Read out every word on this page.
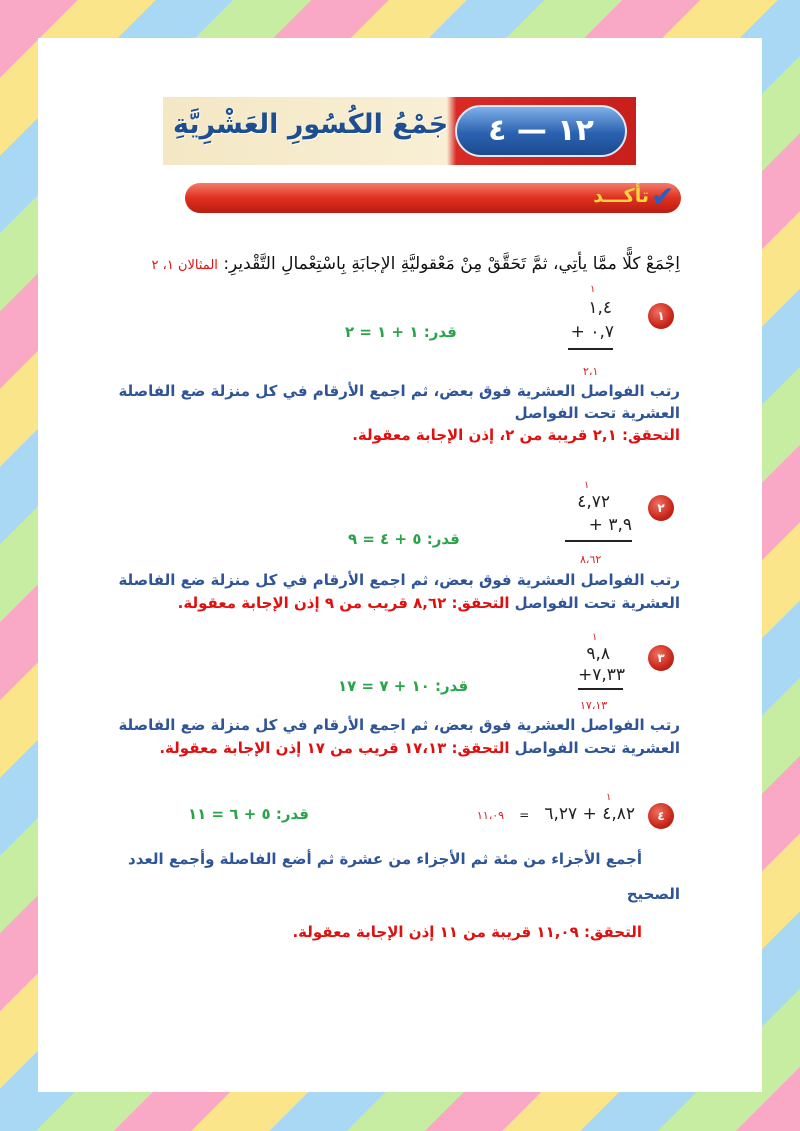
جَمْعُ الكُسُورِ العَشْرِيَّةِ	١٢ — ٤
تأكـــد ✔
اِجْمَعْ كلًّا ممَّا يأتِي، ثمَّ تَحَقَّقْ مِنْ مَعْقوليَّةِ الإجابَةِ بِاسْتِعْمالِ التَّقْديرِ: المثالان ١، ٢
١
١
١,٤
٠,٧ +
٢،١
قدر: ١ + ١ = ٢
رتب الفواصل العشرية فوق بعض، ثم اجمع الأرقام في كل منزلة ضع الفاصلة
العشرية تحت الفواصل
التحقق: ٢,١ قريبة من ٢، إذن الإجابة معقولة.
٢
١
٤,٧٢
٣,٩ +
٨،٦٢
قدر: ٥ + ٤ = ٩
رتب الفواصل العشرية فوق بعض، ثم اجمع الأرقام في كل منزلة ضع الفاصلة
العشرية تحت الفواصل التحقق: ٨,٦٢ قريب من ٩ إذن الإجابة معقولة.
٣
١
٩,٨
٧,٣٣+
١٧،١٣
قدر: ١٠ + ٧ = ١٧
رتب الفواصل العشرية فوق بعض، ثم اجمع الأرقام في كل منزلة ضع الفاصلة
العشرية تحت الفواصل التحقق: ١٧،١٣ قريب من ١٧ إذن الإجابة معقولة.
٤
١
٤,٨٢ + ٦,٢٧ = ١١،٠٩
قدر: ٥ + ٦ = ١١
أجمع الأجزاء من مئة ثم الأجزاء من عشرة ثم أضع الفاصلة وأجمع العدد
الصحيح
التحقق: ١١,٠٩ قريبة من ١١ إذن الإجابة معقولة.
